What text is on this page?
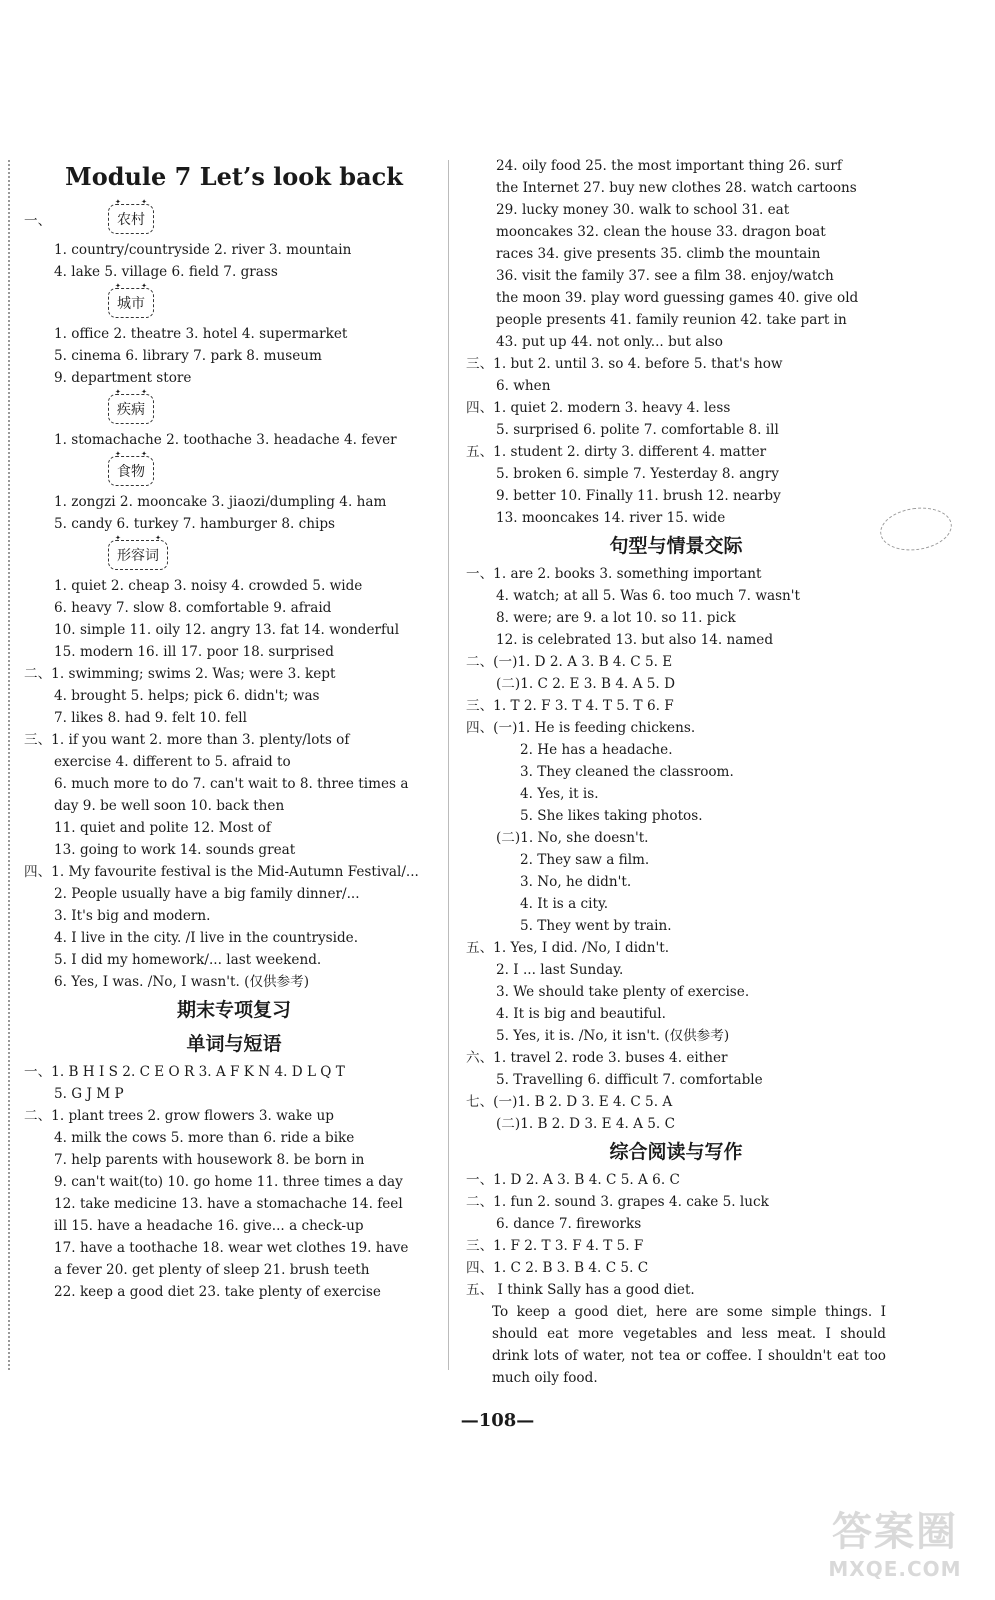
Module 7 Let’s look back
一、
✦	农村 ✦
1. country/countryside 2. river 3. mountain
4. lake 5. village 6. field 7. grass
✦ 城市 ✦
1. office 2. theatre 3. hotel 4. supermarket
5. cinema 6. library 7. park 8. museum
9. department store
✦ 疾病 ✦
1. stomachache 2. toothache 3. headache 4. fever
✦ 食物 ✦
1. zongzi 2. mooncake 3. jiaozi/dumpling 4. ham
5. candy 6. turkey 7. hamburger 8. chips
✦ 形容词 ✦
1. quiet 2. cheap 3. noisy 4. crowded 5. wide
6. heavy 7. slow 8. comfortable 9. afraid
10. simple 11. oily 12. angry 13. fat 14. wonderful
15. modern 16. ill 17. poor 18. surprised
二、1. swimming; swims 2. Was; were 3. kept
4. brought 5. helps; pick 6. didn't; was
7. likes 8. had 9. felt 10. fell
三、1. if you want 2. more than 3. plenty/lots of
exercise 4. different to 5. afraid to
6. much more to do 7. can't wait to 8. three times a
day 9. be well soon 10. back then
11. quiet and polite 12. Most of
13. going to work 14. sounds great
四、1. My favourite festival is the Mid-Autumn Festival/...
2. People usually have a big family dinner/...
3. It's big and modern.
4. I live in the city. /I live in the countryside.
5. I did my homework/... last weekend.
6. Yes, I was. /No, I wasn't. (仅供参考)
期末专项复习
单词与短语
一、1. B H I S 2. C E O R 3. A F K N 4. D L Q T
5. G J M P
二、1. plant trees 2. grow flowers 3. wake up
4. milk the cows 5. more than 6. ride a bike
7. help parents with housework 8. be born in
9. can't wait(to) 10. go home 11. three times a day
12. take medicine 13. have a stomachache 14. feel
ill 15. have a headache 16. give... a check-up
17. have a toothache 18. wear wet clothes 19. have
a fever 20. get plenty of sleep 21. brush teeth
22. keep a good diet 23. take plenty of exercise
24. oily food 25. the most important thing 26. surf
the Internet 27. buy new clothes 28. watch cartoons
29. lucky money 30. walk to school 31. eat
mooncakes 32. clean the house 33. dragon boat
races 34. give presents 35. climb the mountain
36. visit the family 37. see a film 38. enjoy/watch
the moon 39. play word guessing games 40. give old
people presents 41. family reunion 42. take part in
43. put up 44. not only... but also
三、1. but 2. until 3. so 4. before 5. that's how
6. when
四、1. quiet 2. modern 3. heavy 4. less
5. surprised 6. polite 7. comfortable 8. ill
五、1. student 2. dirty 3. different 4. matter
5. broken 6. simple 7. Yesterday 8. angry
9. better 10. Finally 11. brush 12. nearby
13. mooncakes 14. river 15. wide
句型与情景交际
一、1. are 2. books 3. something important
4. watch; at all 5. Was 6. too much 7. wasn't
8. were; are 9. a lot 10. so 11. pick
12. is celebrated 13. but also 14. named
二、(一)1. D 2. A 3. B 4. C 5. E
(二)1. C 2. E 3. B 4. A 5. D
三、1. T 2. F 3. T 4. T 5. T 6. F
四、(一)1. He is feeding chickens.
2. He has a headache.
3. They cleaned the classroom.
4. Yes, it is.
5. She likes taking photos.
(二)1. No, she doesn't.
2. They saw a film.
3. No, he didn't.
4. It is a city.
5. They went by train.
五、1. Yes, I did. /No, I didn't.
2. I ... last Sunday.
3. We should take plenty of exercise.
4. It is big and beautiful.
5. Yes, it is. /No, it isn't. (仅供参考)
六、1. travel 2. rode 3. buses 4. either
5. Travelling 6. difficult 7. comfortable
七、(一)1. B 2. D 3. E 4. C 5. A
(二)1. B 2. D 3. E 4. A 5. C
综合阅读与写作
一、1. D 2. A 3. B 4. C 5. A 6. C
二、1. fun 2. sound 3. grapes 4. cake 5. luck
6. dance 7. fireworks
三、1. F 2. T 3. F 4. T 5. F
四、1. C 2. B 3. B 4. C 5. C
五、 I think Sally has a good diet.
To keep a good diet, here are some simple things. I should eat more vegetables and less meat. I should drink lots of water, not tea or coffee. I shouldn't eat too much oily food.
—108—
答案圈
MXQE.COM
